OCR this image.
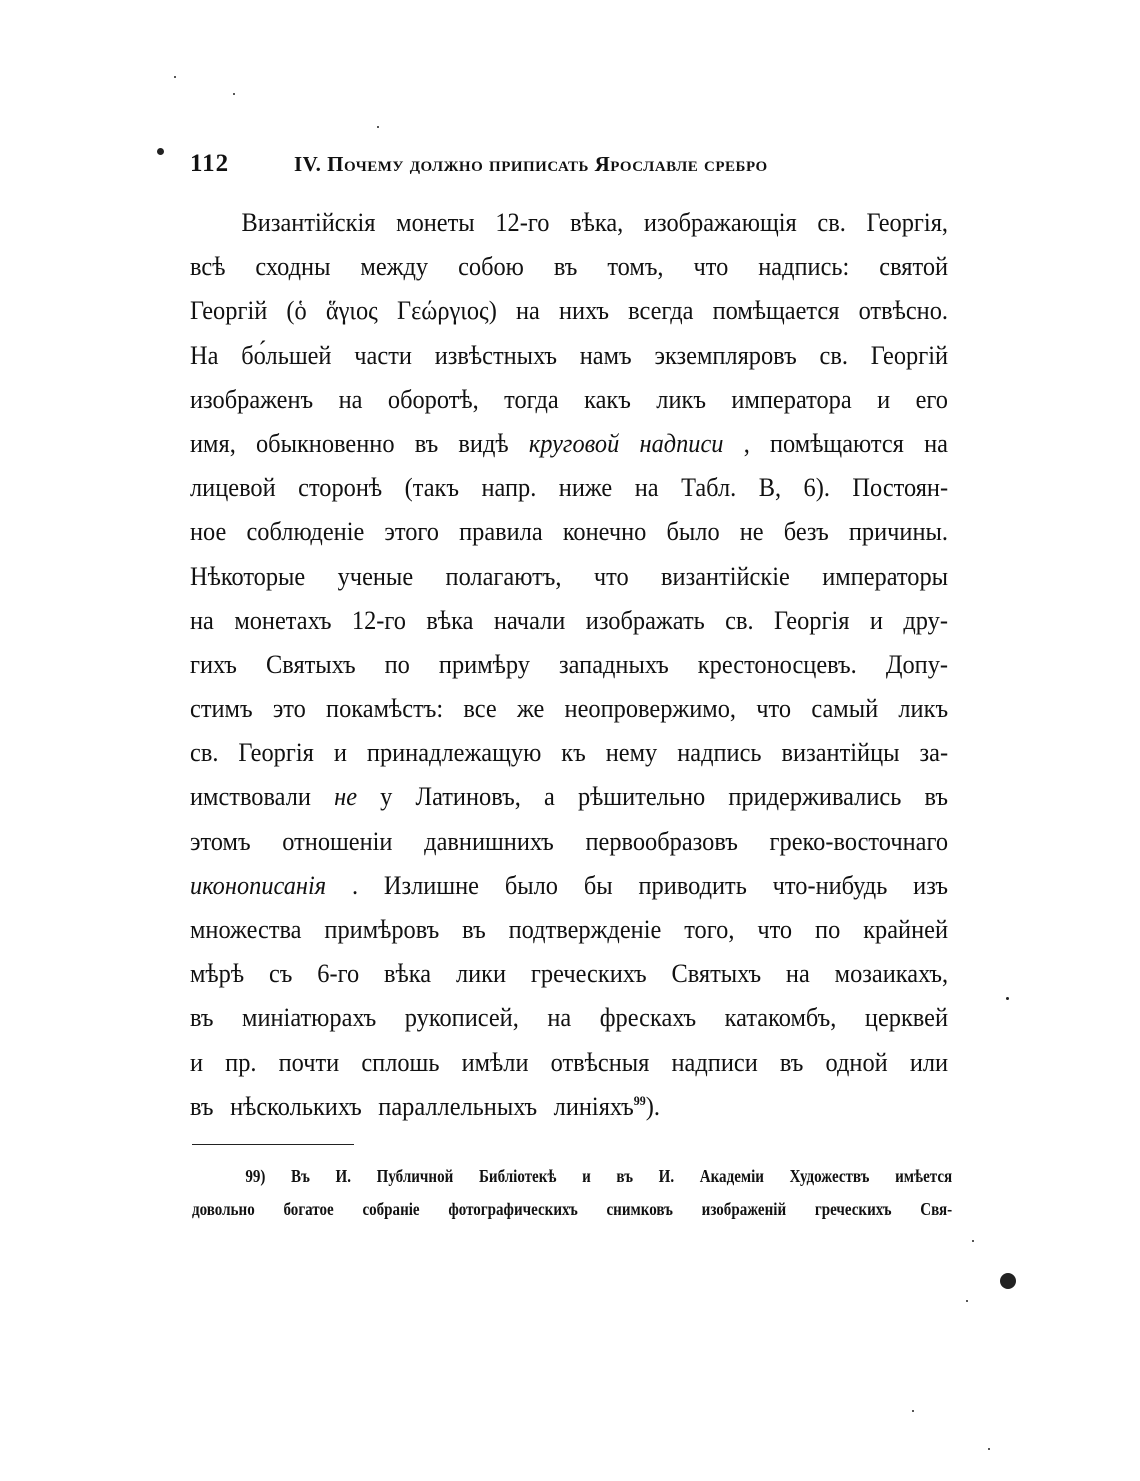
112	IV. Почему должно приписать Ярославле сребро
Византійскія монеты 12-го вѣка, изображающія св. Георгія,
всѣ сходны между собою въ томъ, что надпись: святой
Георгій (ὁ ἅγιος Γεώργιος) на нихъ всегда помѣщается отвѣсно.
На бо́льшей части извѣстныхъ намъ экземпляровъ св. Георгій
изображенъ на оборотѣ, тогда какъ ликъ императора и его
имя, обыкновенно въ видѣ круговой надписи , помѣщаются на
лицевой сторонѣ (такъ напр. ниже на Табл. В, 6). Постоян-
ное соблюденіе этого правила конечно было не безъ причины.
Нѣкоторые ученые полагаютъ, что византійскіе императоры
на монетахъ 12-го вѣка начали изображать св. Георгія и дру-
гихъ Святыхъ по примѣру западныхъ крестоносцевъ. Допу-
стимъ это покамѣстъ: все же неопровержимо, что самый ликъ
св. Георгія и принадлежащую къ нему надпись византійцы за-
имствовали не у Латиновъ, а рѣшительно придерживались въ
этомъ отношеніи давнишнихъ первообразовъ греко-восточнаго
иконописанія . Излишне было бы приводить что-нибудь изъ
множества примѣровъ въ подтвержденіе того, что по крайней
мѣрѣ съ 6-го вѣка лики греческихъ Святыхъ на мозаикахъ,
въ миніатюрахъ рукописей, на фрескахъ катакомбъ, церквей
и пр. почти сплошь имѣли отвѣсныя надписи въ одной или
въ нѣсколькихъ параллельныхъ линіяхъ$^{99}$).
99) Въ И. Публичной Библіотекѣ и въ И. Академіи Художествъ имѣется
довольно богатое собраніе фотографическихъ снимковъ изображеній греческихъ Свя-
